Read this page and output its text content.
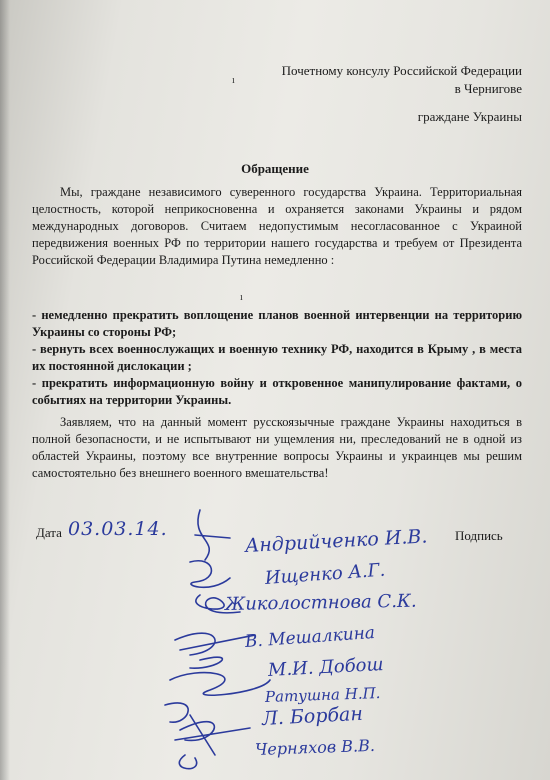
ı
Почетному консулу Российской Федерации
в Чернигове
граждане Украины
Обращение
Мы, граждане независимого суверенного государства Украина. Территориальная целостность, которой неприкосновенна и охраняется законами Украины и рядом международных договоров. Считаем недопустимым несогласованное с Украиной передвижения военных РФ по территории нашего государства и требуем от Президента Российской Федерации Владимира Путина немедленно :
ı
- немедленно прекратить воплощение планов военной интервенции на территорию Украины со стороны РФ;
- вернуть всех военнослужащих и военную технику РФ, находится в Крыму , в места их постоянной дислокации ;
- прекратить информационную войну и откровенное манипулирование фактами, о событиях на территории Украины.
Заявляем, что на данный момент русскоязычные граждане Украины находиться в полной безопасности, и не испытывают ни ущемления ни, преследований не в одной из областей Украины, поэтому все внутренние вопросы Украины и украинцев мы решим самостоятельно без внешнего военного вмешательства!
Дата 03.03.14.	Подпись
Андрийченко И.В.
Ищенко А.Г.
Жиколостнова С.К.
В. Мешалкина
М.И. Добош
Ратушна Н.П.
Л. Борбан
Черняхов В.В.
